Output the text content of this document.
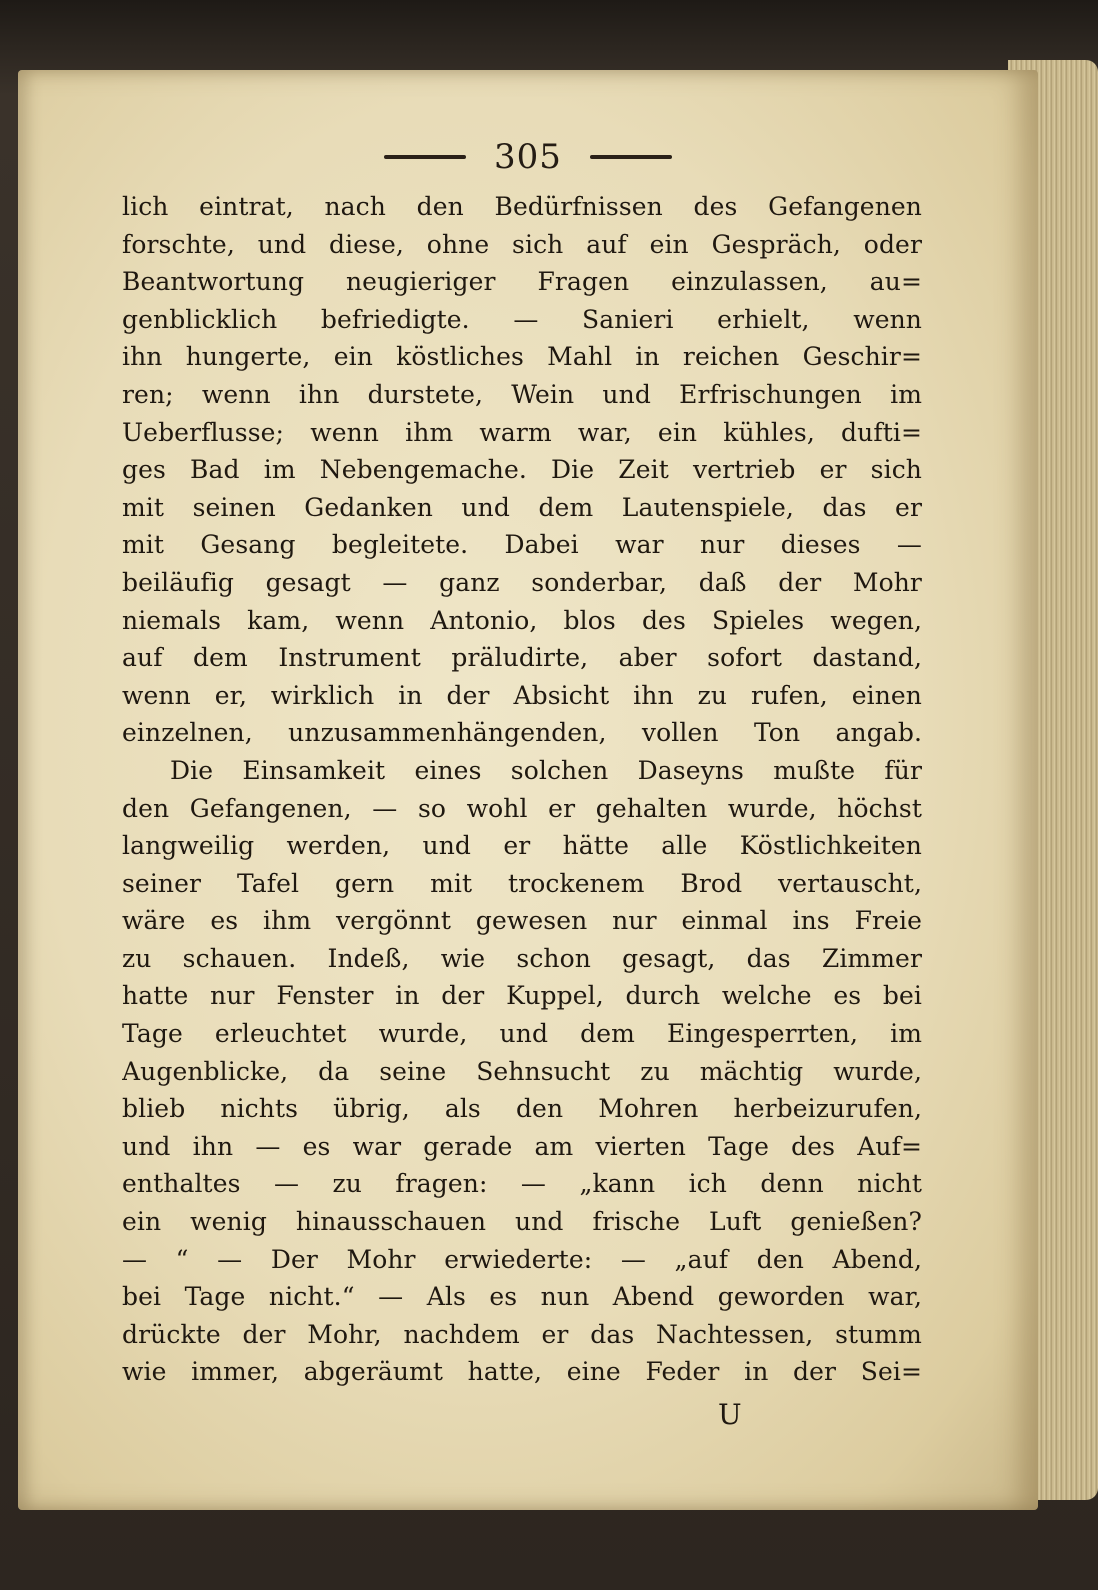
305
lich eintrat, nach den Bedürfnissen des Gefangenen
forschte, und diese, ohne sich auf ein Gespräch, oder
Beantwortung neugieriger Fragen einzulassen, au=
genblicklich befriedigte. — Sanieri erhielt, wenn
ihn hungerte, ein köstliches Mahl in reichen Geschir=
ren; wenn ihn durstete, Wein und Erfrischungen im
Ueberflusse; wenn ihm warm war, ein kühles, dufti=
ges Bad im Nebengemache. Die Zeit vertrieb er sich
mit seinen Gedanken und dem Lautenspiele, das er
mit Gesang begleitete. Dabei war nur dieses —
beiläufig gesagt — ganz sonderbar, daß der Mohr
niemals kam, wenn Antonio, blos des Spieles wegen,
auf dem Instrument präludirte, aber sofort dastand,
wenn er, wirklich in der Absicht ihn zu rufen, einen
einzelnen, unzusammenhängenden, vollen Ton angab.
Die Einsamkeit eines solchen Daseyns mußte für
den Gefangenen, — so wohl er gehalten wurde, höchst
langweilig werden, und er hätte alle Köstlichkeiten
seiner Tafel gern mit trockenem Brod vertauscht,
wäre es ihm vergönnt gewesen nur einmal ins Freie
zu schauen. Indeß, wie schon gesagt, das Zimmer
hatte nur Fenster in der Kuppel, durch welche es bei
Tage erleuchtet wurde, und dem Eingesperrten, im
Augenblicke, da seine Sehnsucht zu mächtig wurde,
blieb nichts übrig, als den Mohren herbeizurufen,
und ihn — es war gerade am vierten Tage des Auf=
enthaltes — zu fragen: — „kann ich denn nicht
ein wenig hinausschauen und frische Luft genießen?
— “ — Der Mohr erwiederte: — „auf den Abend,
bei Tage nicht.“ — Als es nun Abend geworden war,
drückte der Mohr, nachdem er das Nachtessen, stumm
wie immer, abgeräumt hatte, eine Feder in der Sei=
U
